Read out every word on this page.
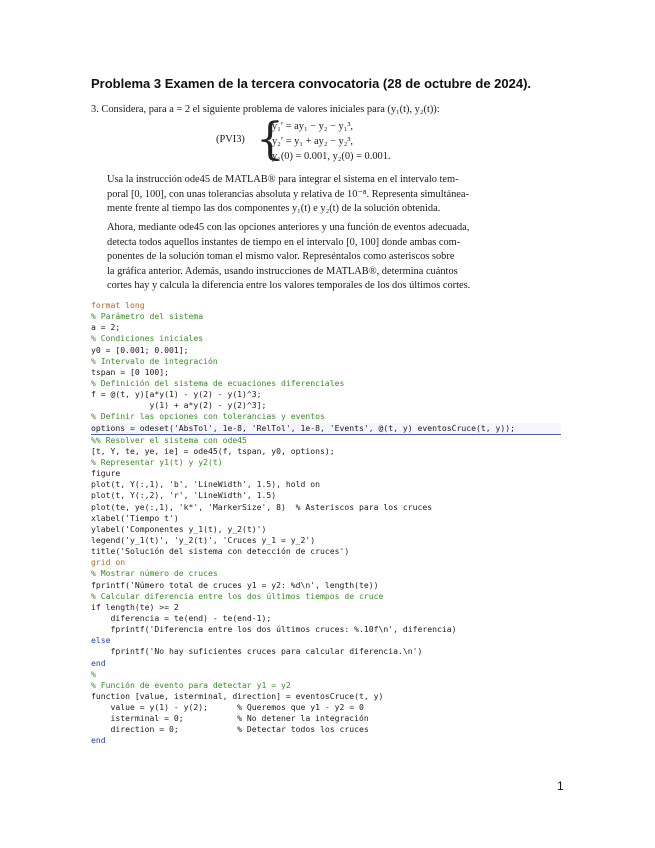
Problema 3 Examen de la tercera convocatoria (28 de octubre de 2024).
3. Considera, para a = 2 el siguiente problema de valores iniciales para (y₁(t), y₂(t)):
(PVI3) {
y₁′ = ay₁ − y₂ − y₁³,
y₂′ = y₁ + ay₂ − y₂³,
y₁(0) = 0.001, y₂(0) = 0.001.
Usa la instrucción ode45 de MATLAB® para integrar el sistema en el intervalo tem-
poral [0, 100], con unas tolerancias absoluta y relativa de 10⁻⁸. Representa simultánea-
mente frente al tiempo las dos componentes y₁(t) e y₂(t) de la solución obtenida.
Ahora, mediante ode45 con las opciones anteriores y una función de eventos adecuada,
detecta todos aquellos instantes de tiempo en el intervalo [0, 100] donde ambas com-
ponentes de la solución toman el mismo valor. Represéntalos como asteriscos sobre
la gráfica anterior. Además, usando instrucciones de MATLAB®, determina cuántos
cortes hay y calcula la diferencia entre los valores temporales de los dos últimos cortes.
format long
% Parámetro del sistema
a = 2;
% Condiciones iniciales
y0 = [0.001; 0.001];
% Intervalo de integración
tspan = [0 100];
% Definición del sistema de ecuaciones diferenciales
f = @(t, y)[a*y(1) - y(2) - y(1)^3;
y(1) + a*y(2) - y(2)^3];
% Definir las opciones con tolerancias y eventos
options = odeset('AbsTol', 1e-8, 'RelTol', 1e-8, 'Events', @(t, y) eventosCruce(t, y));
%% Resolver el sistema con ode45
[t, Y, te, ye, ie] = ode45(f, tspan, y0, options);
% Representar y1(t) y y2(t)
figure
plot(t, Y(:,1), 'b', 'LineWidth', 1.5), hold on
plot(t, Y(:,2), 'r', 'LineWidth', 1.5)
plot(te, ye(:,1), 'k*', 'MarkerSize', 8)  % Asteriscos para los cruces
xlabel('Tiempo t')
ylabel('Componentes y_1(t), y_2(t)')
legend('y_1(t)', 'y_2(t)', 'Cruces y_1 = y_2')
title('Solución del sistema con detección de cruces')
grid on
% Mostrar número de cruces
fprintf('Número total de cruces y1 = y2: %d\n', length(te))
% Calcular diferencia entre los dos últimos tiempos de cruce
if length(te) >= 2
diferencia = te(end) - te(end-1);
fprintf('Diferencia entre los dos últimos cruces: %.10f\n', diferencia)
else
fprintf('No hay suficientes cruces para calcular diferencia.\n')
end
%
% Función de evento para detectar y1 = y2
function [value, isterminal, direction] = eventosCruce(t, y)
value = y(1) - y(2);      % Queremos que y1 - y2 = 0
isterminal = 0;           % No detener la integración
direction = 0;            % Detectar todos los cruces
end
1
